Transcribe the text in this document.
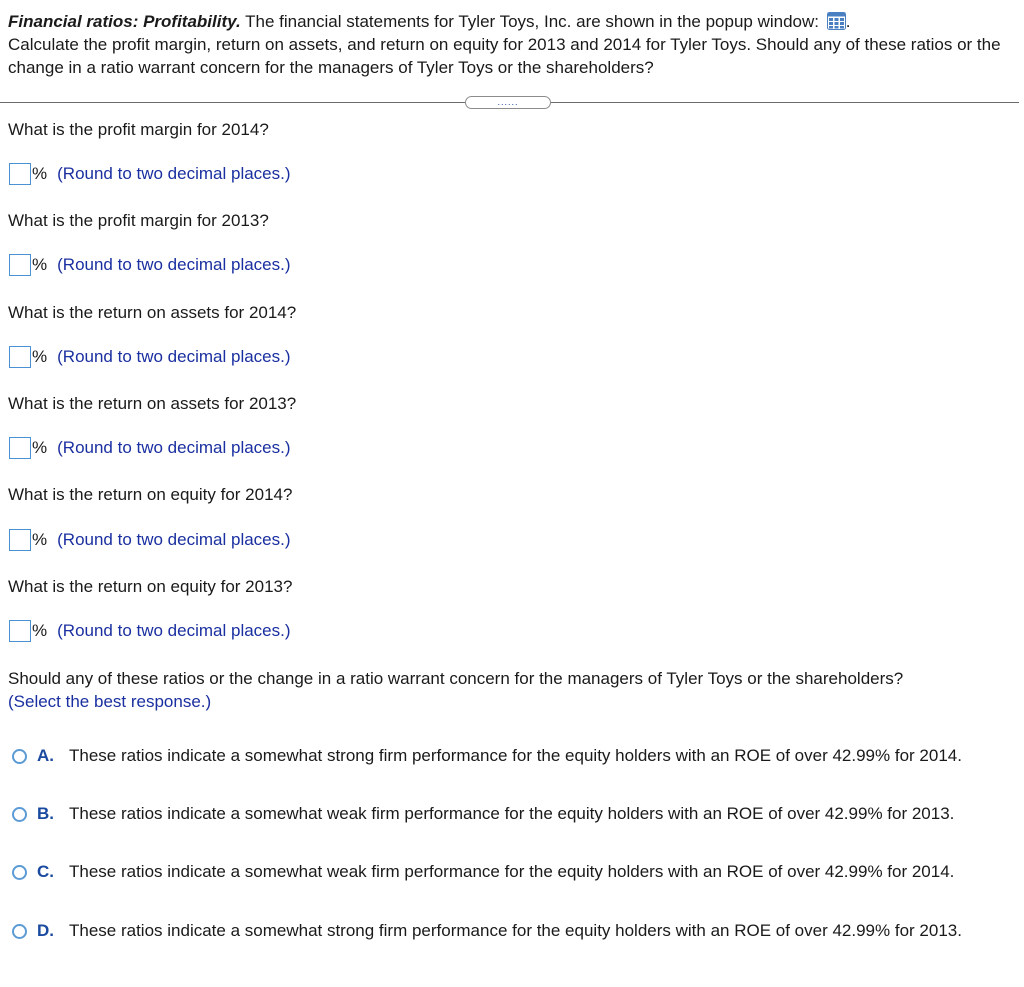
Financial ratios: Profitability. The financial statements for Tyler Toys, Inc. are shown in the popup window: .
Calculate the profit margin, return on assets, and return on equity for 2013 and 2014 for Tyler Toys. Should any of these ratios or the change in a ratio warrant concern for the managers of Tyler Toys or the shareholders?
......
What is the profit margin for 2014?
% (Round to two decimal places.)
What is the profit margin for 2013?
% (Round to two decimal places.)
What is the return on assets for 2014?
% (Round to two decimal places.)
What is the return on assets for 2013?
% (Round to two decimal places.)
What is the return on equity for 2014?
% (Round to two decimal places.)
What is the return on equity for 2013?
% (Round to two decimal places.)
Should any of these ratios or the change in a ratio warrant concern for the managers of Tyler Toys or the shareholders?
(Select the best response.)
A. These ratios indicate a somewhat strong firm performance for the equity holders with an ROE of over 42.99% for 2014.
B. These ratios indicate a somewhat weak firm performance for the equity holders with an ROE of over 42.99% for 2013.
C. These ratios indicate a somewhat weak firm performance for the equity holders with an ROE of over 42.99% for 2014.
D. These ratios indicate a somewhat strong firm performance for the equity holders with an ROE of over 42.99% for 2013.
